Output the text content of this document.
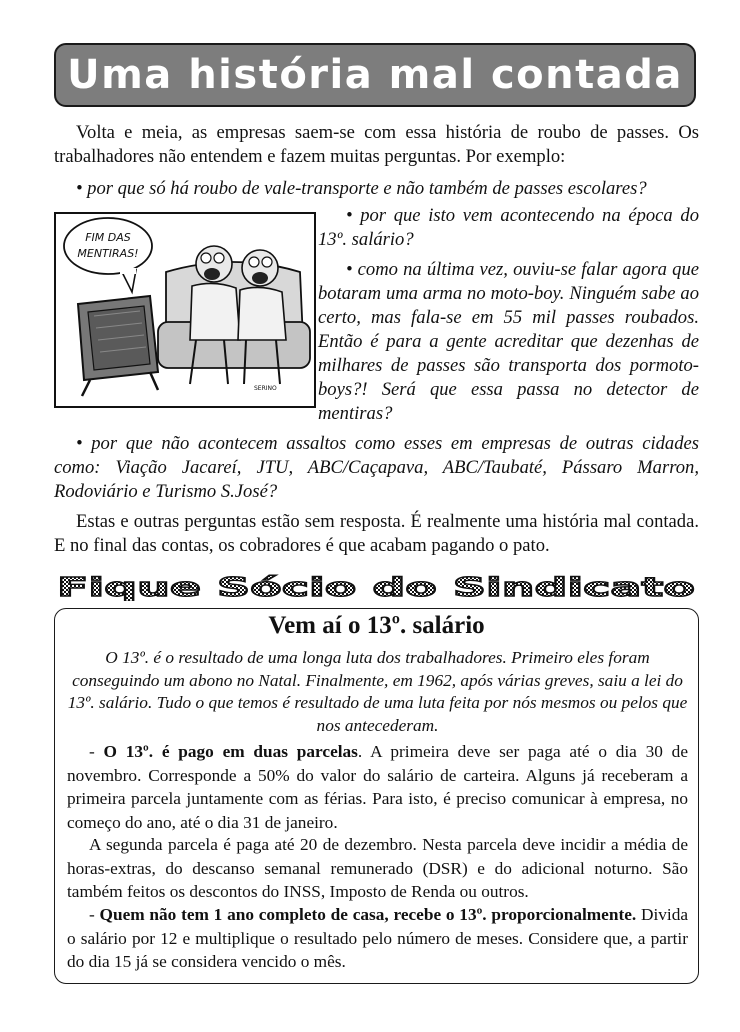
Uma história mal contada

Volta e meia, as empresas saem-se com essa história de roubo de passes. Os trabalhadores não entendem e fazem muitas perguntas. Por exemplo:

• por que só há roubo de vale-transporte e não também de passes escolares?

FIM DAS
MENTIRAS!
SERINO

• por que isto vem acontecendo na época do 13º. salário?

• como na última vez, ouviu-se falar agora que botaram uma arma no moto-boy. Ninguém sabe ao certo, mas fala-se em 55 mil passes roubados. Então é para a gente acreditar que dezenhas de milhares de passes são transporta dos pormoto-boys?! Será que essa passa no detector de mentiras?

• por que não acontecem assaltos como esses em empresas de outras cidades como: Viação Jacareí, JTU, ABC/Caçapava, ABC/Taubaté, Pássaro Marron, Rodoviário e Turismo S.José?

Estas e outras perguntas estão sem resposta. É realmente uma história mal contada. E no final das contas, os cobradores é que acabam pagando o pato.

Fique Sócio do Sindicato
Vem aí o 13º. salário

O 13º. é o resultado de uma longa luta dos trabalhadores. Primeiro eles foram conseguindo um abono no Natal. Finalmente, em 1962, após várias greves, saiu a lei do 13º. salário. Tudo o que temos é resultado de uma luta feita por nós mesmos ou pelos que nos antecederam.

- O 13º. é pago em duas parcelas. A primeira deve ser paga até o dia 30 de novembro. Corresponde a 50% do valor do salário de carteira. Alguns já receberam a primeira parcela juntamente com as férias. Para isto, é preciso comunicar à empresa, no começo do ano, até o dia 31 de janeiro.

A segunda parcela é paga até 20 de dezembro. Nesta parcela deve incidir a média de horas-extras, do descanso semanal remunerado (DSR) e do adicional noturno. São também feitos os descontos do INSS, Imposto de Renda ou outros.

- Quem não tem 1 ano completo de casa, recebe o 13º. proporcionalmente. Divida o salário por 12 e multiplique o resultado pelo número de meses. Considere que, a partir do dia 15 já se considera vencido o mês.
